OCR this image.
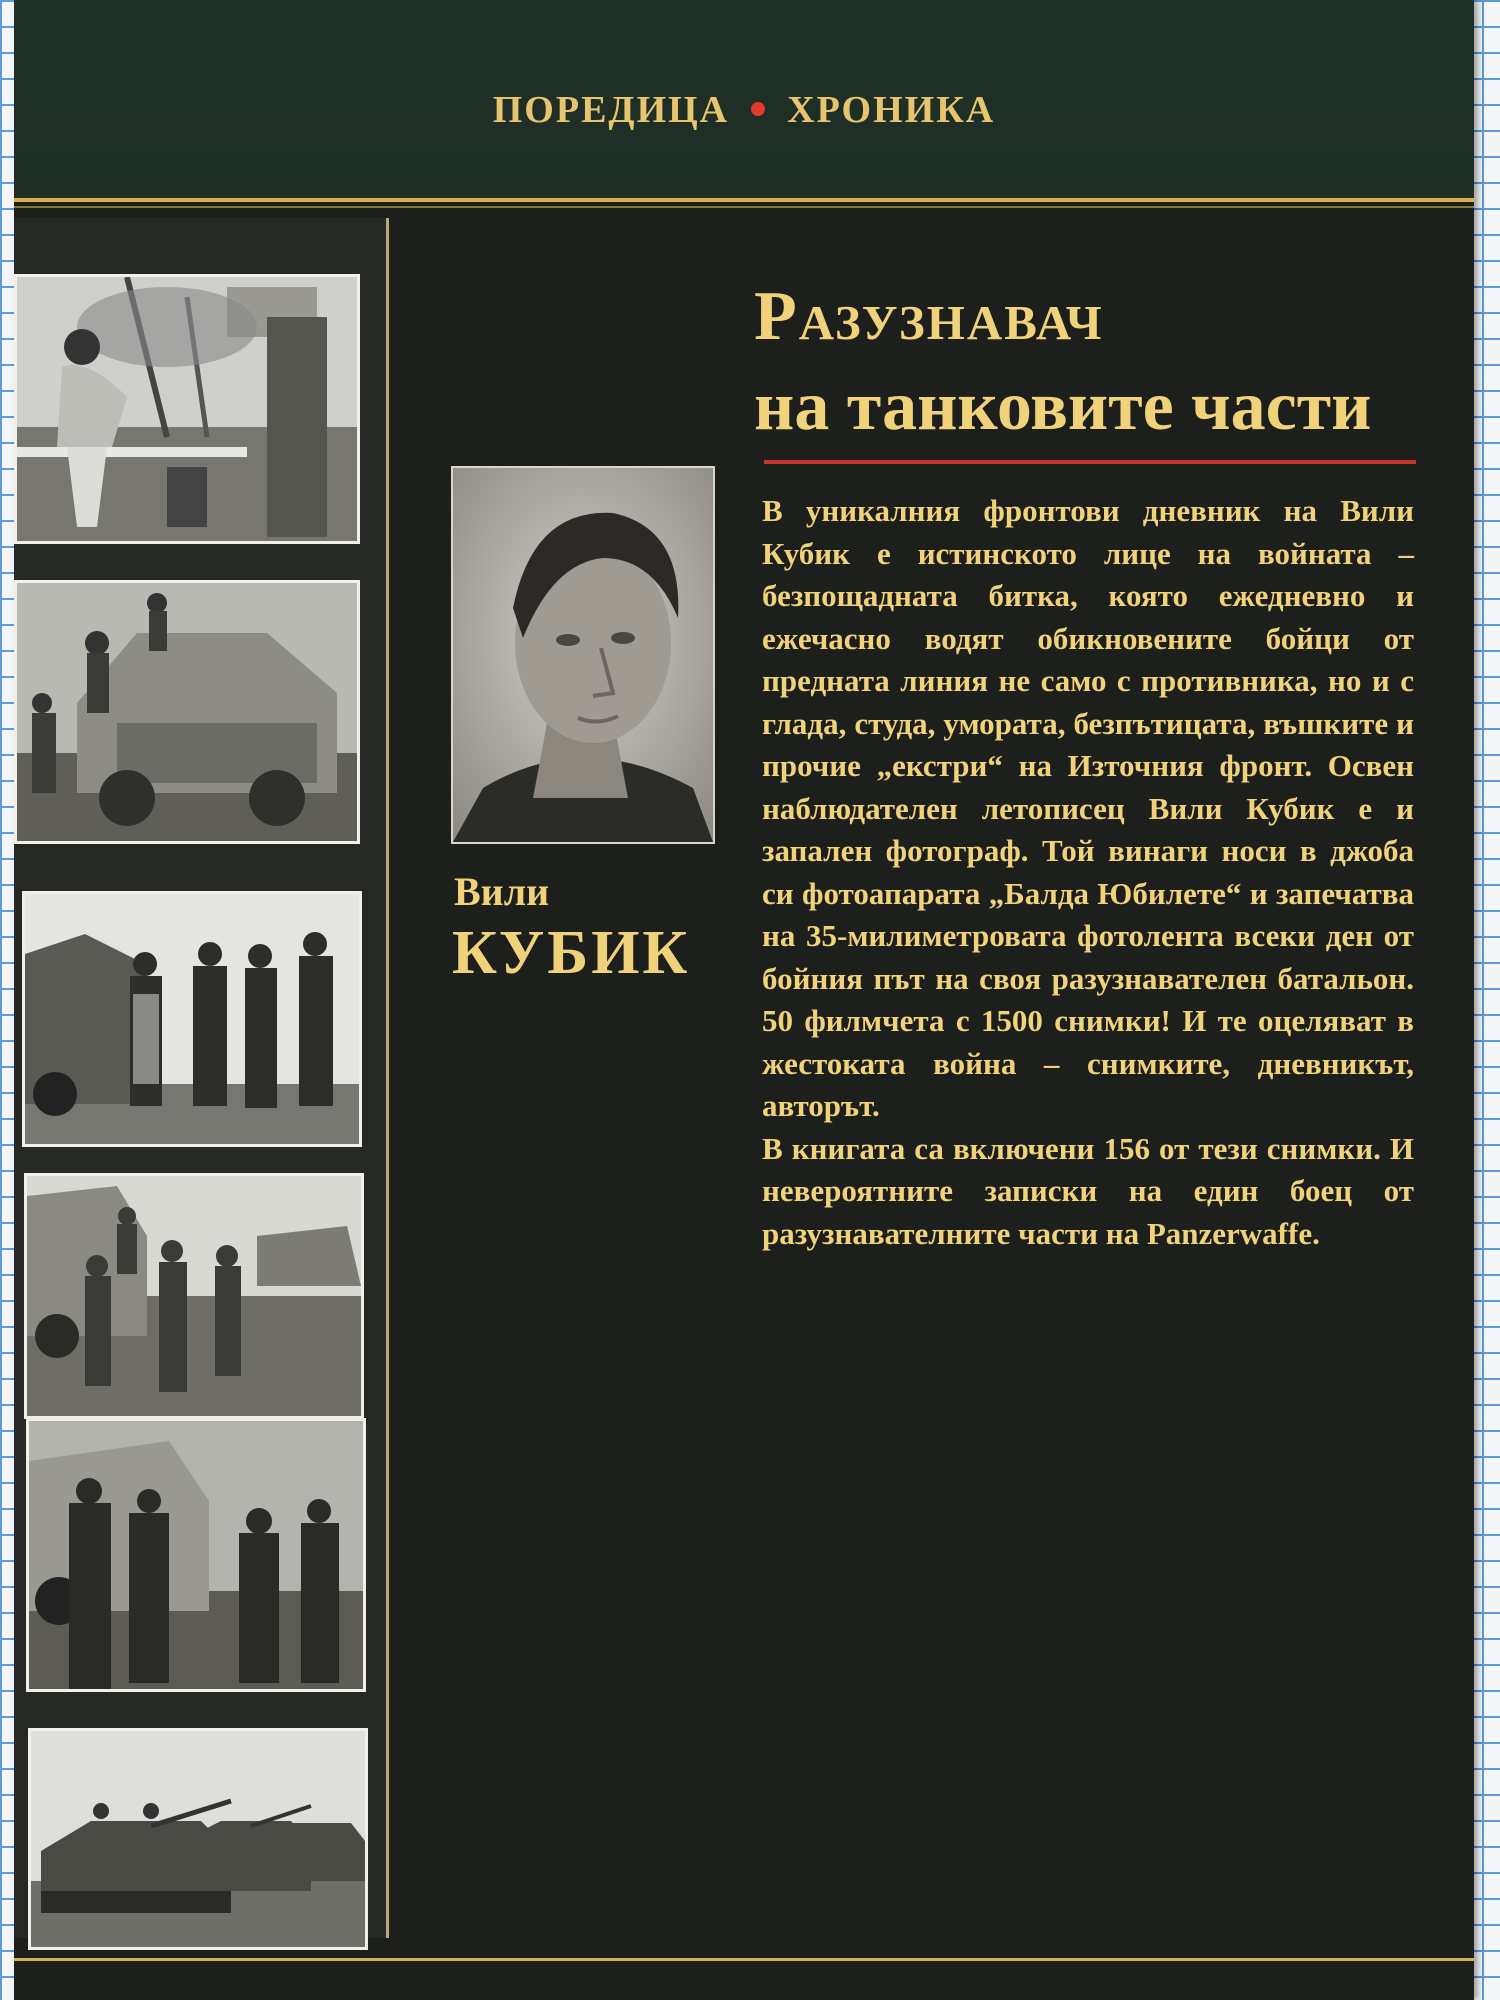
ПОРЕДИЦА ХРОНИКА
Разузнавач
на танковите части
Вили
КУБИК

В уникалния фронтови дневник на Вили Кубик е истинското лице на войната – безпощадната битка, която ежедневно и ежечасно водят обикновените бойци от предната линия не само с противника, но и с глада, студа, умората, безпътицата, въшките и прочие „екстри“ на Източния фронт. Освен наблюдателен летописец Вили Кубик е и запален фотограф. Той винаги носи в джоба си фотоапарата „Балда Юбилете“ и запечатва на 35-милиметровата фотолента всеки ден от бойния път на своя разузнавателен батальон. 50 филмчета с 1500 снимки! И те оцеляват в жестоката война – снимките, дневникът, авторът.

В книгата са включени 156 от тези снимки. И невероятните записки на един боец от разузнавателните части на Panzerwaffe.
